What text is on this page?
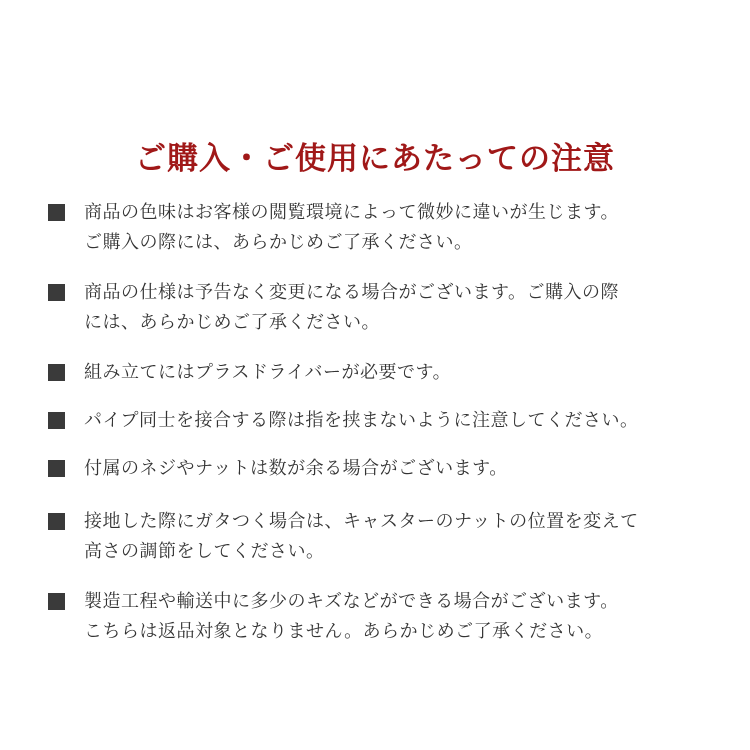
ご購入・ご使用にあたっての注意
商品の色味はお客様の閲覧環境によって微妙に違いが生じます。
ご購入の際には、あらかじめご了承ください。
商品の仕様は予告なく変更になる場合がございます。ご購入の際
には、あらかじめご了承ください。
組み立てにはプラスドライバーが必要です。
パイプ同士を接合する際は指を挟まないように注意してください。
付属のネジやナットは数が余る場合がございます。
接地した際にガタつく場合は、キャスターのナットの位置を変えて
高さの調節をしてください。
製造工程や輸送中に多少のキズなどができる場合がございます。
こちらは返品対象となりません。あらかじめご了承ください。
